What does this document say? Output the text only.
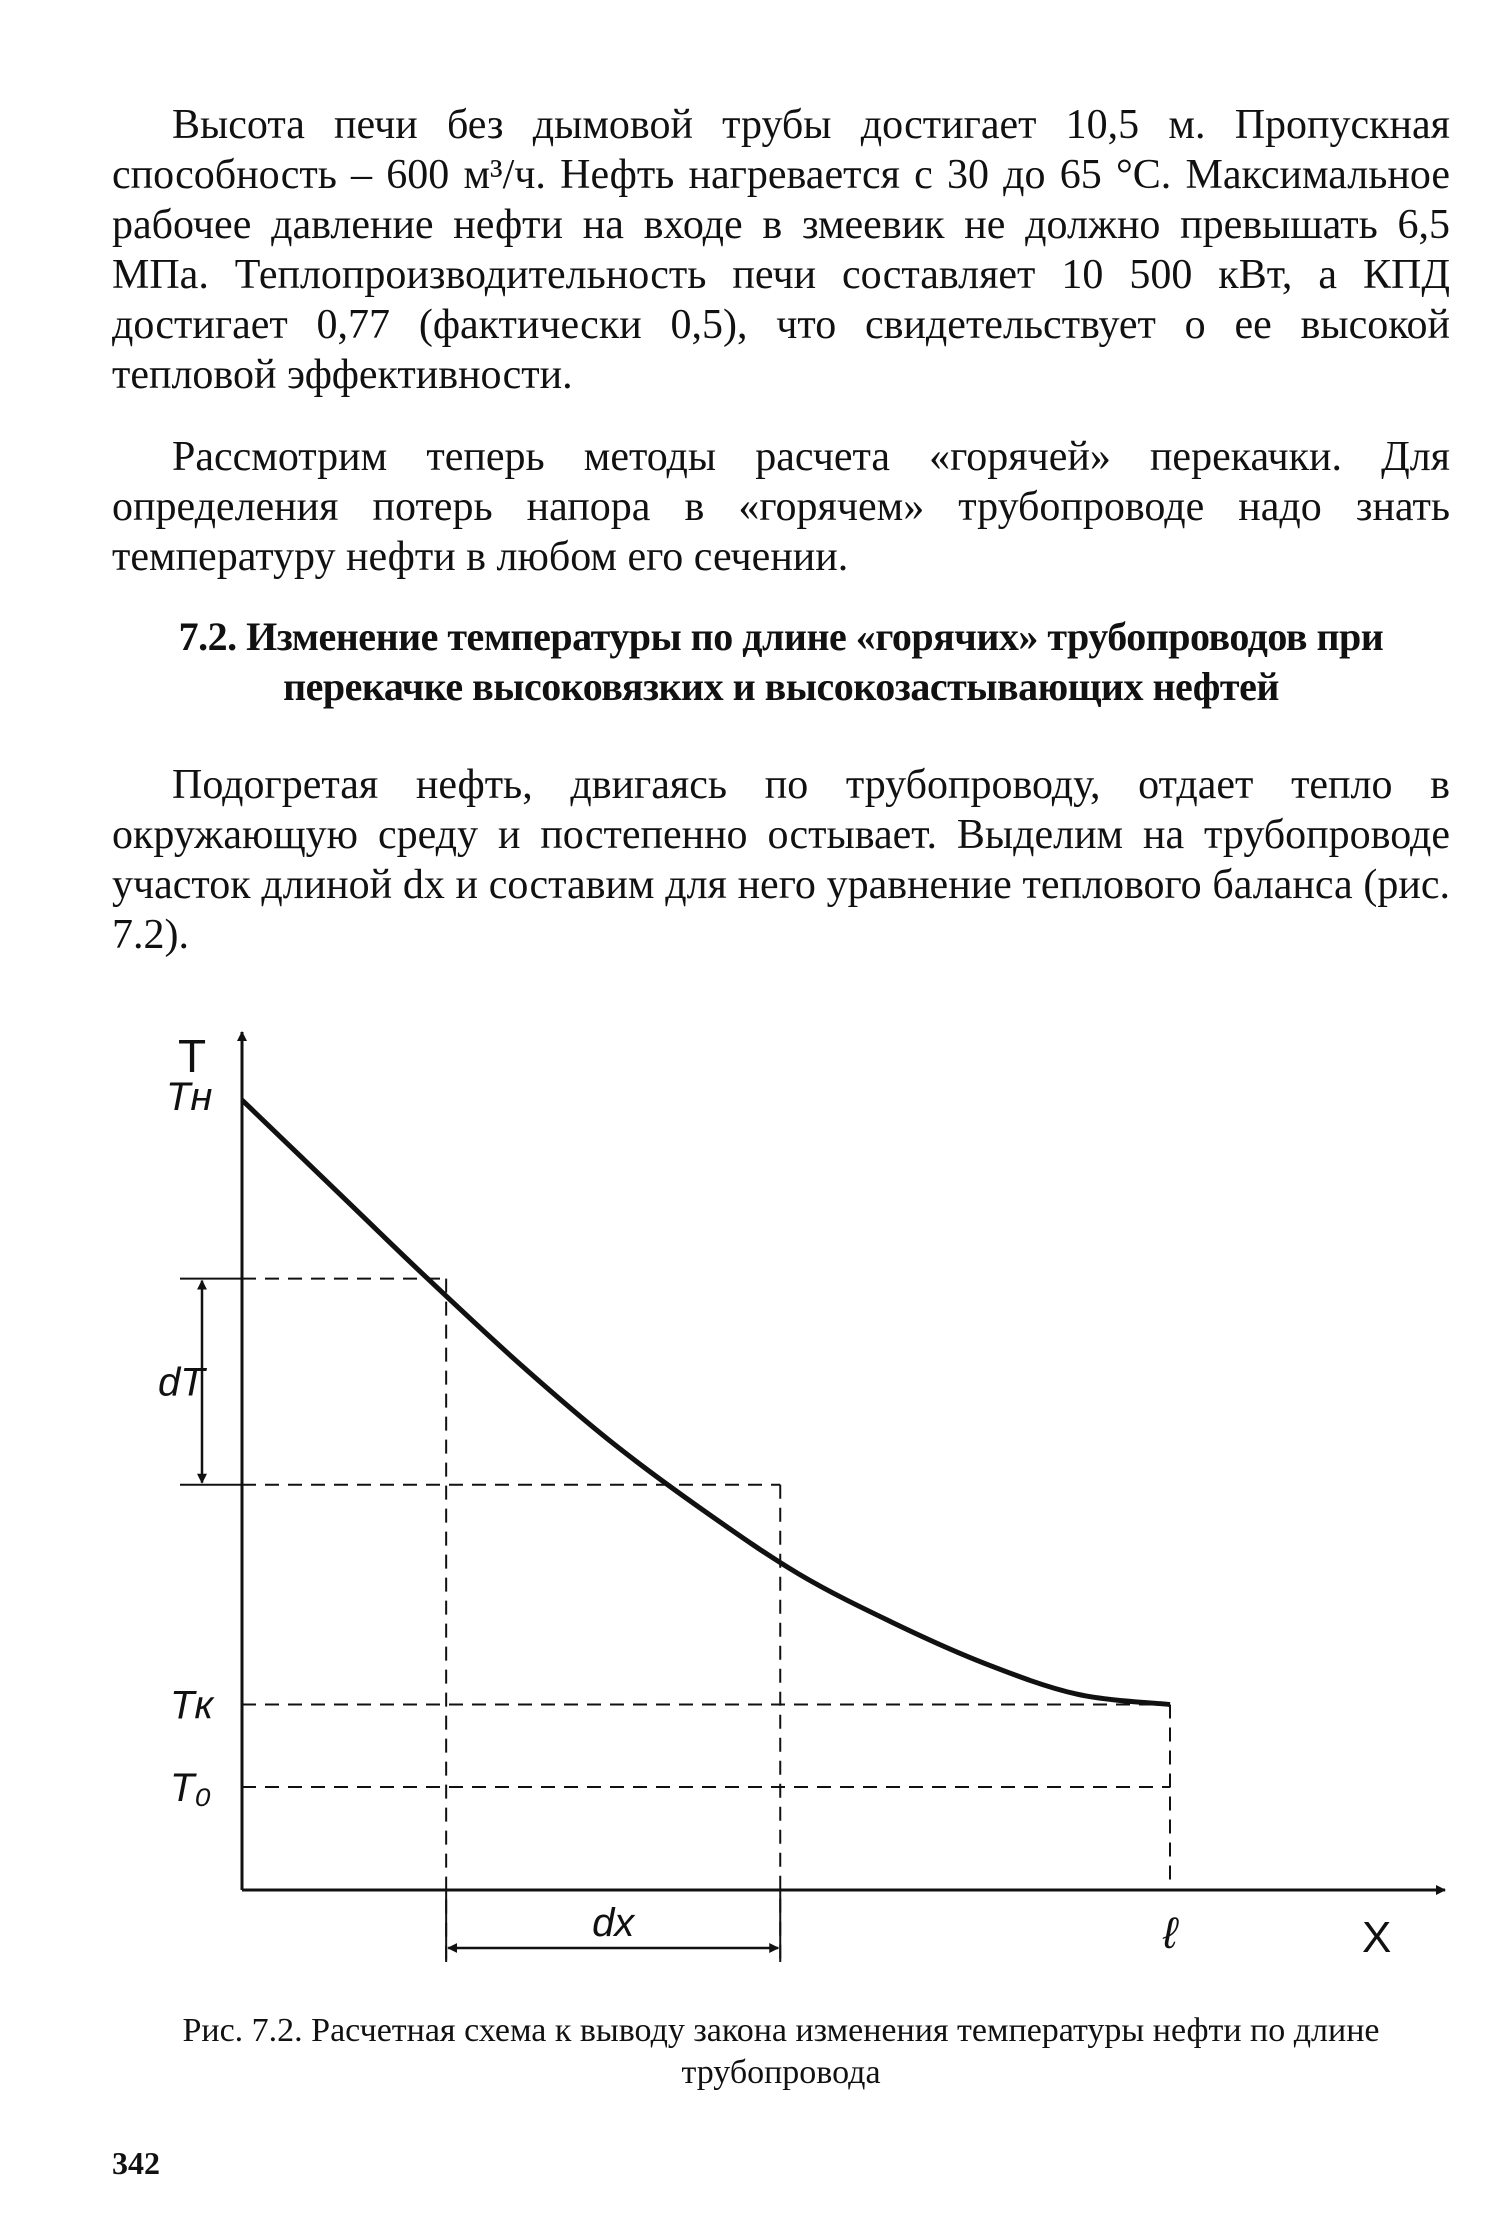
Высота печи без дымовой трубы достигает 10,5 м. Пропускная способность – 600 м³/ч. Нефть нагревается с 30 до 65 °С. Максимальное рабочее давление нефти на входе в змеевик не должно превышать 6,5 МПа. Теплопроизводительность печи составляет 10 500 кВт, а КПД достигает 0,77 (фактически 0,5), что свидетельствует о ее высокой тепловой эффективности.

Рассмотрим теперь методы расчета «горячей» перекачки. Для определения потерь напора в «горячем» трубопроводе надо знать температуру нефти в любом его сечении.

7.2. Изменение температуры по длине «горячих» трубопроводов при перекачке высоковязких и высокозастывающих нефтей

Подогретая нефть, двигаясь по трубопроводу, отдает тепло в окружающую среду и постепенно остывает. Выделим на трубопроводе участок длиной dx и составим для него уравнение теплового баланса (рис. 7.2).

T
Tн
dT
Tк
T₀
dx	ℓ	X

Рис. 7.2. Расчетная схема к выводу закона изменения температуры нефти по длине трубопровода

342
